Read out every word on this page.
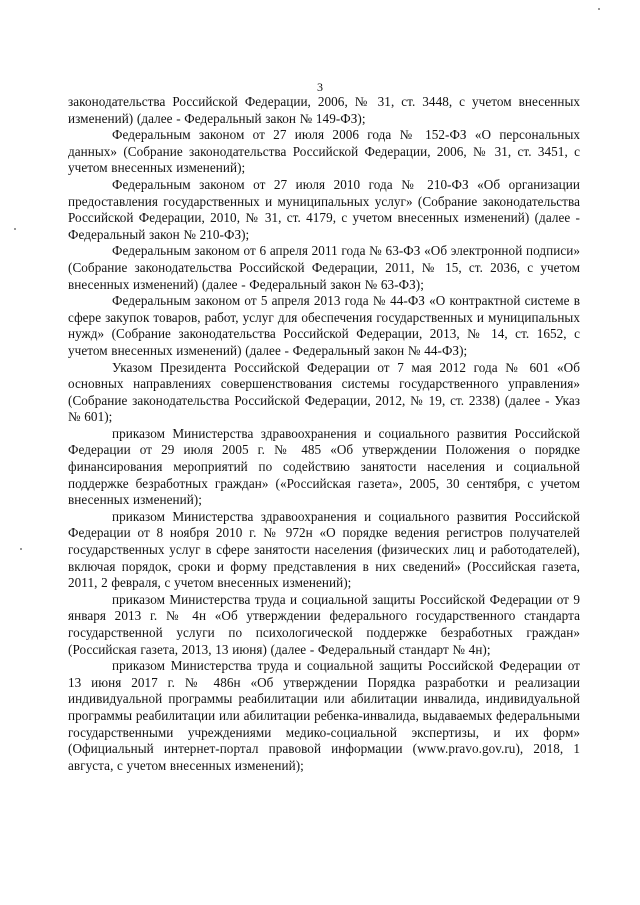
3

законодательства Российской Федерации, 2006, № 31, ст. 3448, с учетом внесенных изменений) (далее - Федеральный закон № 149-ФЗ);

Федеральным законом от 27 июля 2006 года № 152-ФЗ «О персональных данных» (Собрание законодательства Российской Федерации, 2006, № 31, ст. 3451, с учетом внесенных изменений);

Федеральным законом от 27 июля 2010 года № 210-ФЗ «Об организации предоставления государственных и муниципальных услуг» (Собрание законодательства Российской Федерации, 2010, № 31, ст. 4179, с учетом внесенных изменений) (далее - Федеральный закон № 210-ФЗ);

Федеральным законом от 6 апреля 2011 года № 63-ФЗ «Об электронной подписи» (Собрание законодательства Российской Федерации, 2011, № 15, ст. 2036, с учетом внесенных изменений) (далее - Федеральный закон № 63-ФЗ);

Федеральным законом от 5 апреля 2013 года № 44-ФЗ «О контрактной системе в сфере закупок товаров, работ, услуг для обеспечения государственных и муниципальных нужд» (Собрание законодательства Российской Федерации, 2013, № 14, ст. 1652, с учетом внесенных изменений) (далее - Федеральный закон № 44-ФЗ);

Указом Президента Российской Федерации от 7 мая 2012 года № 601 «Об основных направлениях совершенствования системы государственного управления» (Собрание законодательства Российской Федерации, 2012, № 19, ст. 2338) (далее - Указ № 601);

приказом Министерства здравоохранения и социального развития Российской Федерации от 29 июля 2005 г. № 485 «Об утверждении Положения о порядке финансирования мероприятий по содействию занятости населения и социальной поддержке безработных граждан» («Российская газета», 2005, 30 сентября, с учетом внесенных изменений);

приказом Министерства здравоохранения и социального развития Российской Федерации от 8 ноября 2010 г. № 972н «О порядке ведения регистров получателей государственных услуг в сфере занятости населения (физических лиц и работодателей), включая порядок, сроки и форму представления в них сведений» (Российская газета, 2011, 2 февраля, с учетом внесенных изменений);

приказом Министерства труда и социальной защиты Российской Федерации от 9 января 2013 г. № 4н «Об утверждении федерального государственного стандарта государственной услуги по психологической поддержке безработных граждан» (Российская газета, 2013, 13 июня) (далее - Федеральный стандарт № 4н);

приказом Министерства труда и социальной защиты Российской Федерации от 13 июня 2017 г. № 486н «Об утверждении Порядка разработки и реализации индивидуальной программы реабилитации или абилитации инвалида, индивидуальной программы реабилитации или абилитации ребенка-инвалида, выдаваемых федеральными государственными учреждениями медико-социальной экспертизы, и их форм» (Официальный интернет-портал правовой информации (www.pravo.gov.ru), 2018, 1 августа, с учетом внесенных изменений);
